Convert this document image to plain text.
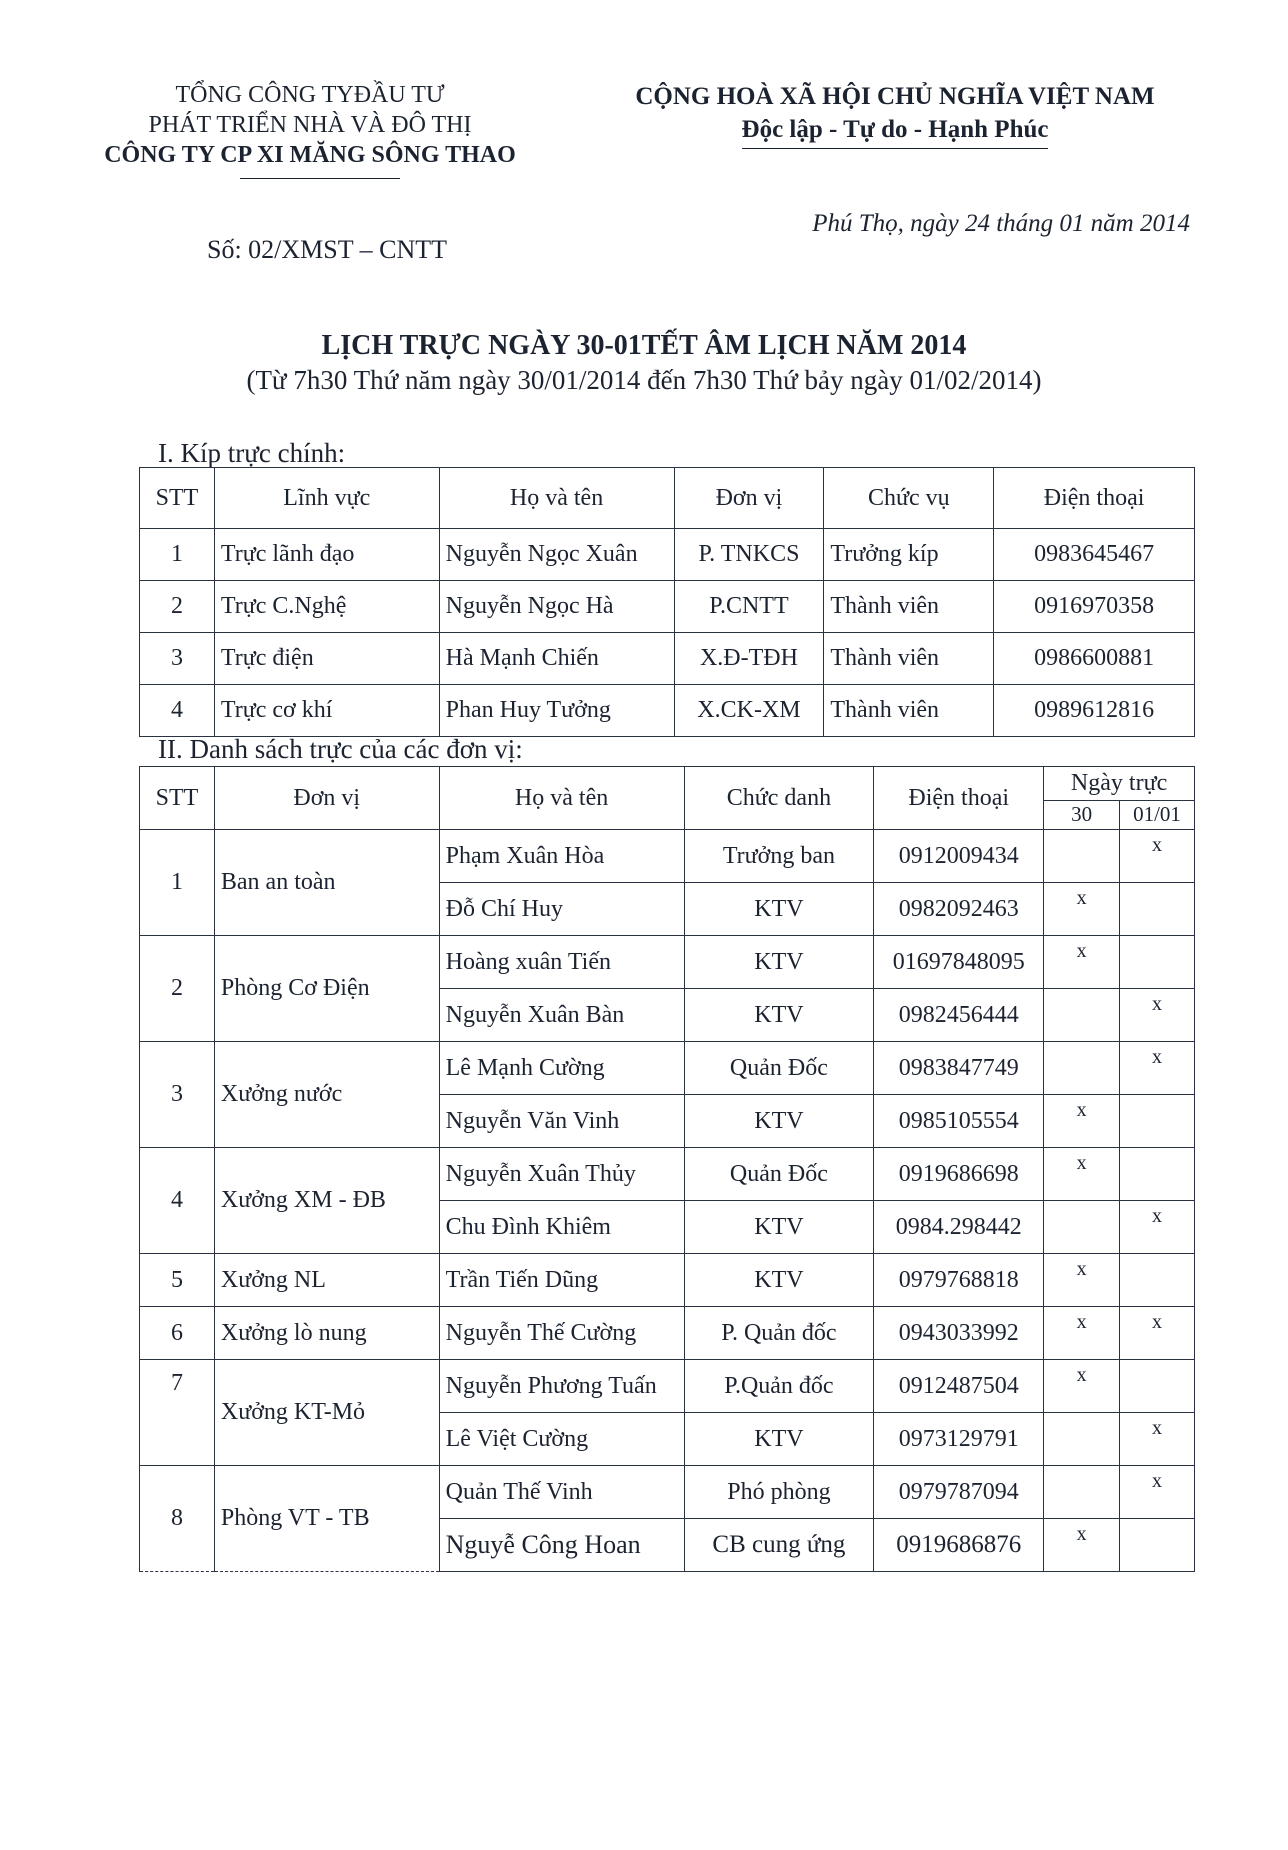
TỔNG CÔNG TYĐẦU TƯ
PHÁT TRIỂN NHÀ VÀ ĐÔ THỊ
CÔNG TY CP XI MĂNG SÔNG THAO
CỘNG HOÀ XÃ HỘI CHỦ NGHĨA VIỆT NAM
Độc lập - Tự do - Hạnh Phúc
Số: 02/XMST – CNTT
Phú Thọ, ngày 24 tháng 01 năm 2014
LỊCH TRỰC NGÀY 30-01TẾT ÂM LỊCH NĂM 2014
(Từ 7h30 Thứ năm ngày 30/01/2014 đến 7h30 Thứ bảy ngày 01/02/2014)
I. Kíp trực chính:
STT	Lĩnh vực	Họ và tên	Đơn vị	Chức vụ	Điện thoại
1	Trực lãnh đạo	Nguyễn Ngọc Xuân	P. TNKCS	Trưởng kíp	0983645467
2	Trực C.Nghệ	Nguyễn Ngọc Hà	P.CNTT	Thành viên	0916970358
3	Trực điện	Hà Mạnh Chiến	X.Đ-TĐH	Thành viên	0986600881
4	Trực cơ khí	Phan Huy Tưởng	X.CK-XM	Thành viên	0989612816
II. Danh sách trực của các đơn vị:
STT	Đơn vị	Họ và tên	Chức danh	Điện thoại	Ngày trực	
					30	01/01
1	Ban an toàn	Phạm Xuân Hòa	Trưởng ban	0912009434		x
		Đỗ Chí Huy	KTV	0982092463	x	
2	Phòng Cơ Điện	Hoàng xuân Tiến	KTV	01697848095	x	
		Nguyễn Xuân Bàn	KTV	0982456444		x
3	Xưởng nước	Lê Mạnh Cường	Quản Đốc	0983847749		x
		Nguyễn Văn Vinh	KTV	0985105554	x	
4	Xưởng XM - ĐB	Nguyễn Xuân Thủy	Quản Đốc	0919686698	x	
		Chu Đình Khiêm	KTV	0984.298442		x
5	Xưởng NL	Trần Tiến Dũng	KTV	0979768818	x	
6	Xưởng lò nung	Nguyễn Thế Cường	P. Quản đốc	0943033992	x	x
7	Xưởng KT-Mỏ	Nguyễn Phương Tuấn	P.Quản đốc	0912487504	x	
		Lê Việt Cường	KTV	0973129791		x
8	Phòng VT - TB	Quản Thế Vinh	Phó phòng	0979787094		x
		Nguyễ Công Hoan	CB cung ứng	0919686876	x	
